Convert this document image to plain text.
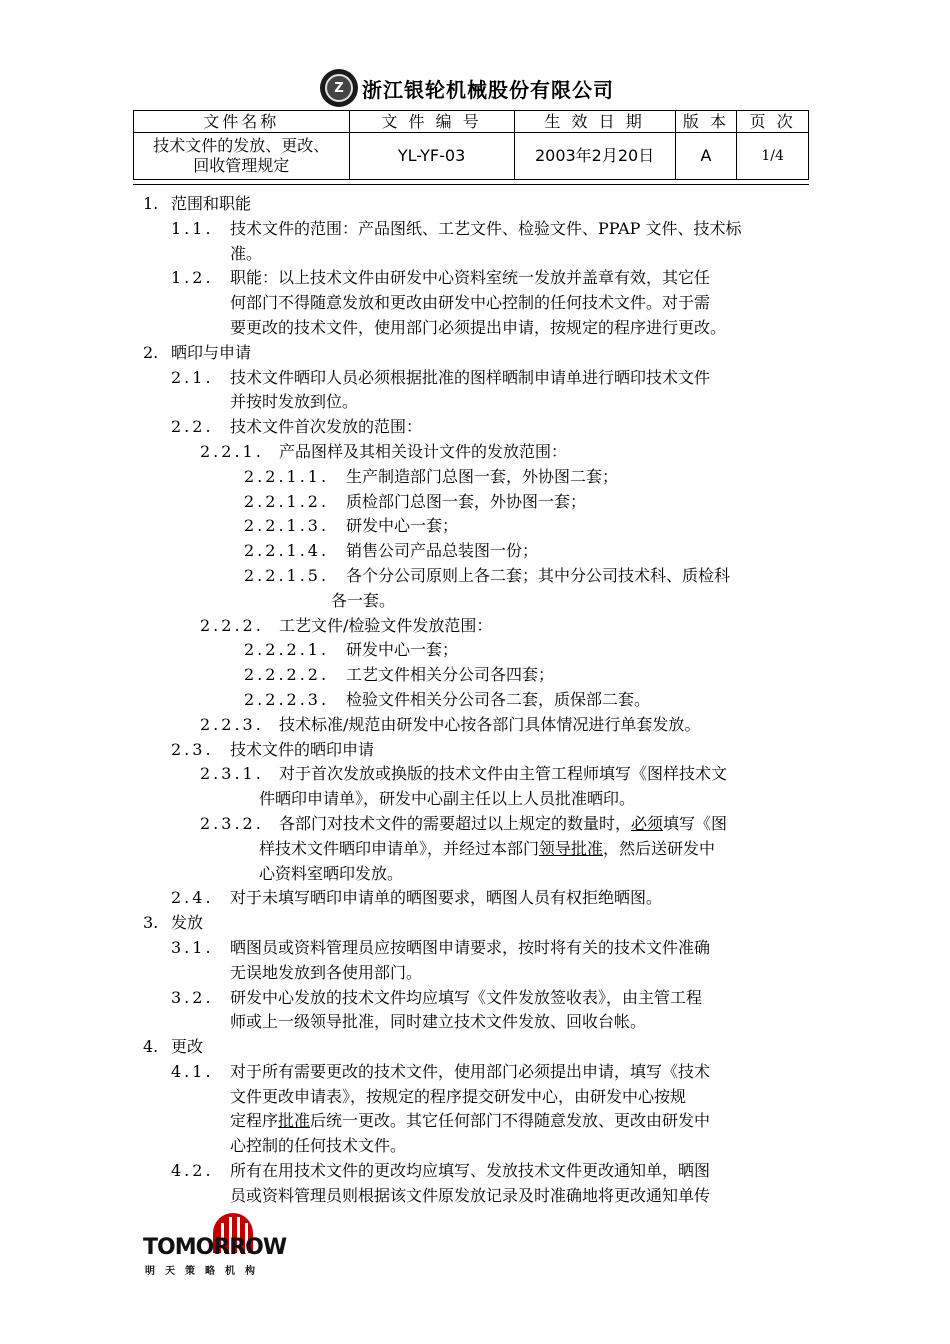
Z 浙江银轮机械股份有限公司
文件名称	文 件 编 号	生 效 日 期	版 本	页 次

技术文件的发放、更改、
回收管理规定	YL-YF-03	2003年2月20日	A	1/4
1. 范围和职能
1.1. 技术文件的范围：产品图纸、工艺文件、检验文件、PPAP 文件、技术标
准。
1.2. 职能：以上技术文件由研发中心资料室统一发放并盖章有效，其它任
何部门不得随意发放和更改由研发中心控制的任何技术文件。对于需
要更改的技术文件，使用部门必须提出申请，按规定的程序进行更改。
2. 晒印与申请
2.1. 技术文件晒印人员必须根据批准的图样晒制申请单进行晒印技术文件
并按时发放到位。
2.2. 技术文件首次发放的范围：
2.2.1. 产品图样及其相关设计文件的发放范围：
2.2.1.1. 生产制造部门总图一套，外协图二套；
2.2.1.2. 质检部门总图一套，外协图一套；
2.2.1.3. 研发中心一套；
2.2.1.4. 销售公司产品总装图一份；
2.2.1.5. 各个分公司原则上各二套；其中分公司技术科、质检科
各一套。
2.2.2. 工艺文件/检验文件发放范围：
2.2.2.1. 研发中心一套；
2.2.2.2. 工艺文件相关分公司各四套；
2.2.2.3. 检验文件相关分公司各二套，质保部二套。
2.2.3. 技术标准/规范由研发中心按各部门具体情况进行单套发放。
2.3. 技术文件的晒印申请
2.3.1. 对于首次发放或换版的技术文件由主管工程师填写《图样技术文
件晒印申请单》，研发中心副主任以上人员批准晒印。
2.3.2. 各部门对技术文件的需要超过以上规定的数量时，必须填写《图
样技术文件晒印申请单》，并经过本部门领导批准，然后送研发中
心资料室晒印发放。
2.4. 对于未填写晒印申请单的晒图要求，晒图人员有权拒绝晒图。
3. 发放
3.1. 晒图员或资料管理员应按晒图申请要求，按时将有关的技术文件准确
无误地发放到各使用部门。
3.2. 研发中心发放的技术文件均应填写《文件发放签收表》，由主管工程
师或上一级领导批准，同时建立技术文件发放、回收台帐。
4. 更改
4.1. 对于所有需要更改的技术文件，使用部门必须提出申请，填写《技术
文件更改申请表》，按规定的程序提交研发中心，由研发中心按规
定程序批准后统一更改。其它任何部门不得随意发放、更改由研发中
心控制的任何技术文件。
4.2. 所有在用技术文件的更改均应填写、发放技术文件更改通知单，晒图
员或资料管理员则根据该文件原发放记录及时准确地将更改通知单传
TOMORROW
明天策略机构
